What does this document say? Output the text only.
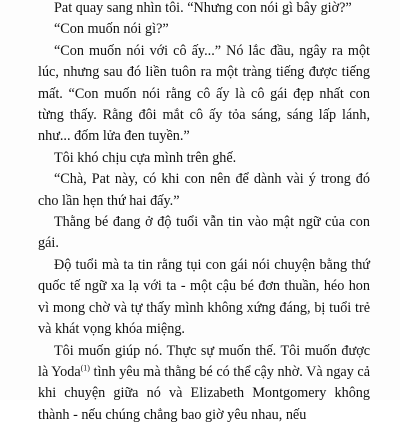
Pat quay sang nhìn tôi. “Nhưng con nói gì bây giờ?”

“Con muốn nói gì?”

“Con muốn nói với cô ấy...” Nó lắc đầu, ngây ra một lúc, nhưng sau đó liền tuôn ra một tràng tiếng được tiếng mất. “Con muốn nói rằng cô ấy là cô gái đẹp nhất con từng thấy. Rằng đôi mắt cô ấy tỏa sáng, sáng lấp lánh, như... đốm lửa đen tuyền.”

Tôi khó chịu cựa mình trên ghế.

“Chà, Pat này, có khi con nên để dành vài ý trong đó cho lần hẹn thứ hai đấy.”

Thằng bé đang ở độ tuổi vẫn tin vào mật ngữ của con gái.

Độ tuổi mà ta tin rằng tụi con gái nói chuyện bằng thứ quốc tế ngữ xa lạ với ta - một cậu bé đơn thuần, héo hon vì mong chờ và tự thấy mình không xứng đáng, bị tuổi trẻ và khát vọng khóa miệng.

Tôi muốn giúp nó. Thực sự muốn thế. Tôi muốn được là Yoda$^{(1)}$ tình yêu mà thằng bé có thể cậy nhờ. Và ngay cả khi chuyện giữa nó và Elizabeth Montgomery không thành - nếu chúng chẳng bao giờ yêu nhau, nếu
